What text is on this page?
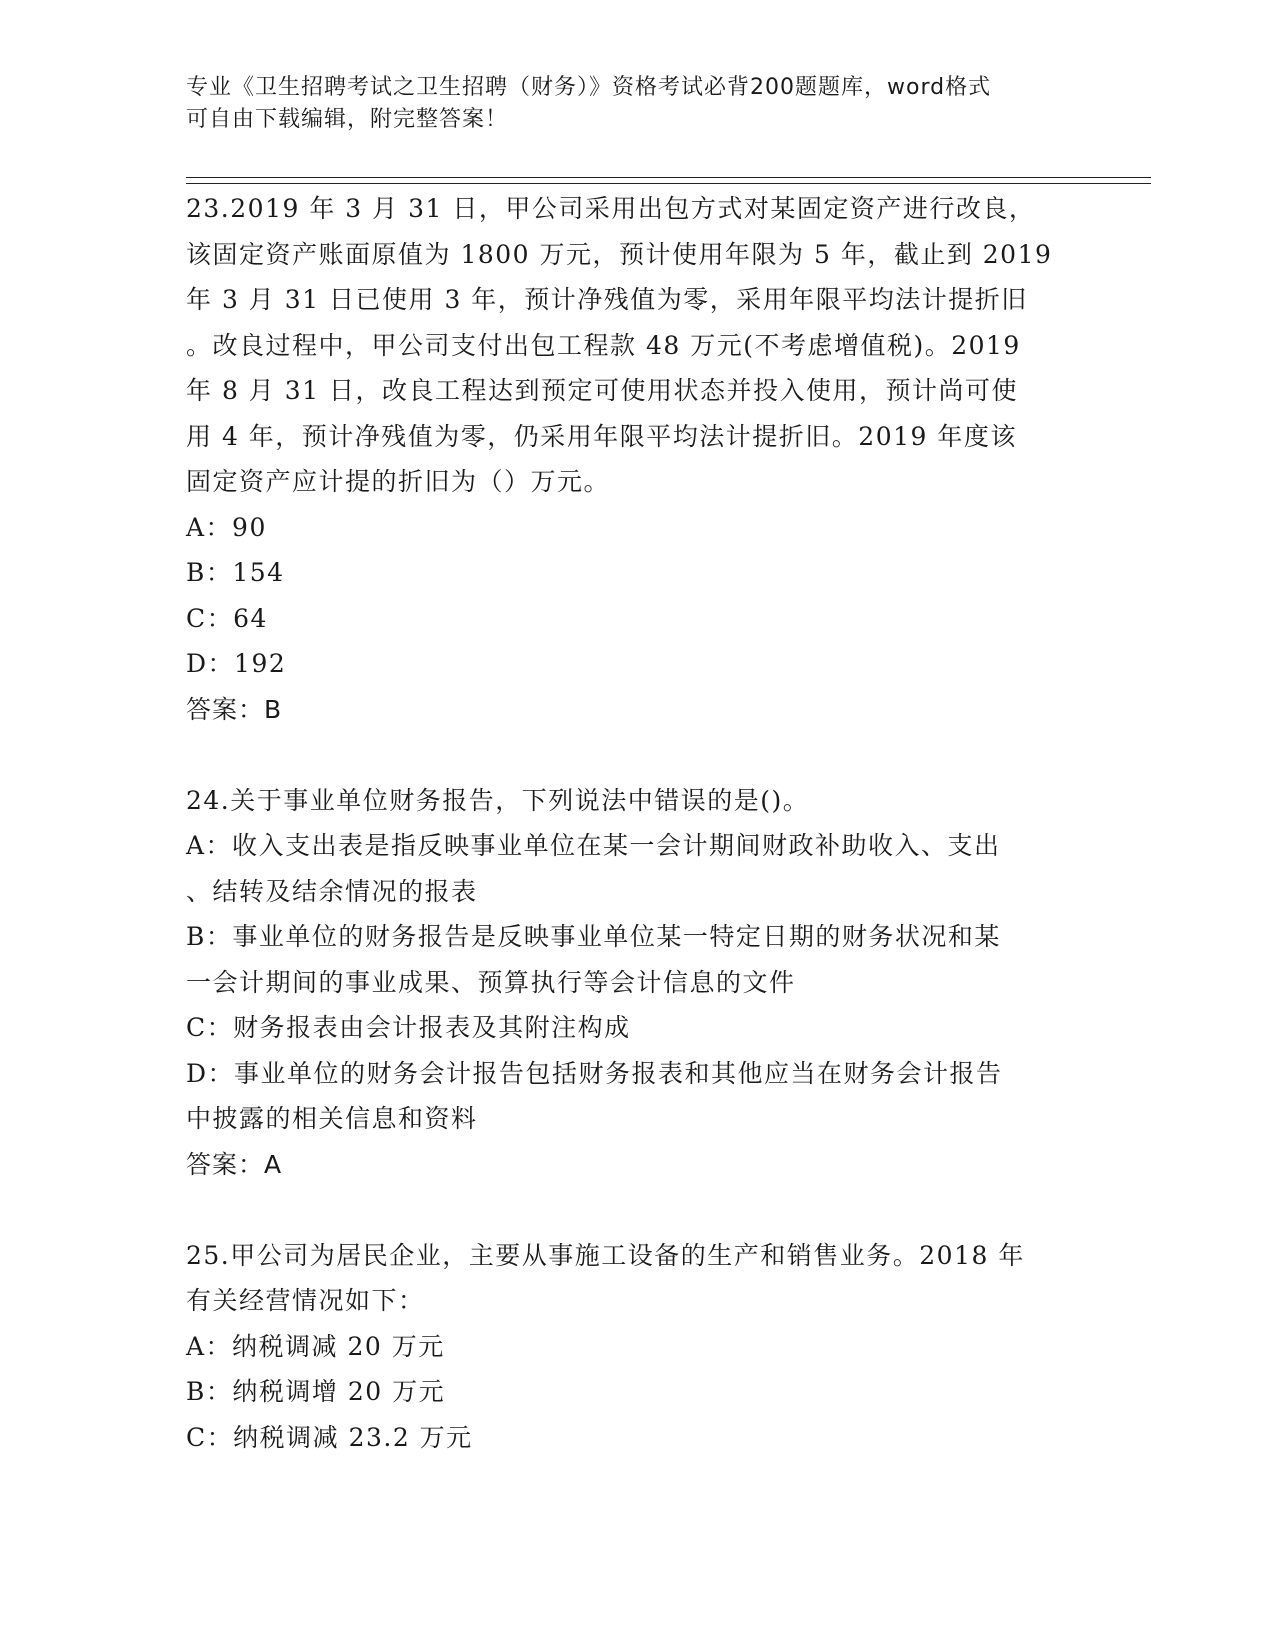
专业《卫生招聘考试之卫生招聘（财务）》资格考试必背200题题库，word格式
可自由下载编辑，附完整答案！

23.2019 年 3 月 31 日，甲公司采用出包方式对某固定资产进行改良，

该固定资产账面原值为 1800 万元，预计使用年限为 5 年，截止到 2019

年 3 月 31 日已使用 3 年，预计净残值为零，采用年限平均法计提折旧

。改良过程中，甲公司支付出包工程款 48 万元(不考虑增值税)。2019

年 8 月 31 日，改良工程达到预定可使用状态并投入使用，预计尚可使

用 4 年，预计净残值为零，仍采用年限平均法计提折旧。2019 年度该

固定资产应计提的折旧为（）万元。

A：90

B：154

C：64

D：192

答案：B

24.关于事业单位财务报告，下列说法中错误的是()。

A：收入支出表是指反映事业单位在某一会计期间财政补助收入、支出

、结转及结余情况的报表

B：事业单位的财务报告是反映事业单位某一特定日期的财务状况和某

一会计期间的事业成果、预算执行等会计信息的文件

C：财务报表由会计报表及其附注构成

D：事业单位的财务会计报告包括财务报表和其他应当在财务会计报告

中披露的相关信息和资料

答案：A

25.甲公司为居民企业，主要从事施工设备的生产和销售业务。2018 年

有关经营情况如下：

A：纳税调减 20 万元

B：纳税调增 20 万元

C：纳税调减 23.2 万元
